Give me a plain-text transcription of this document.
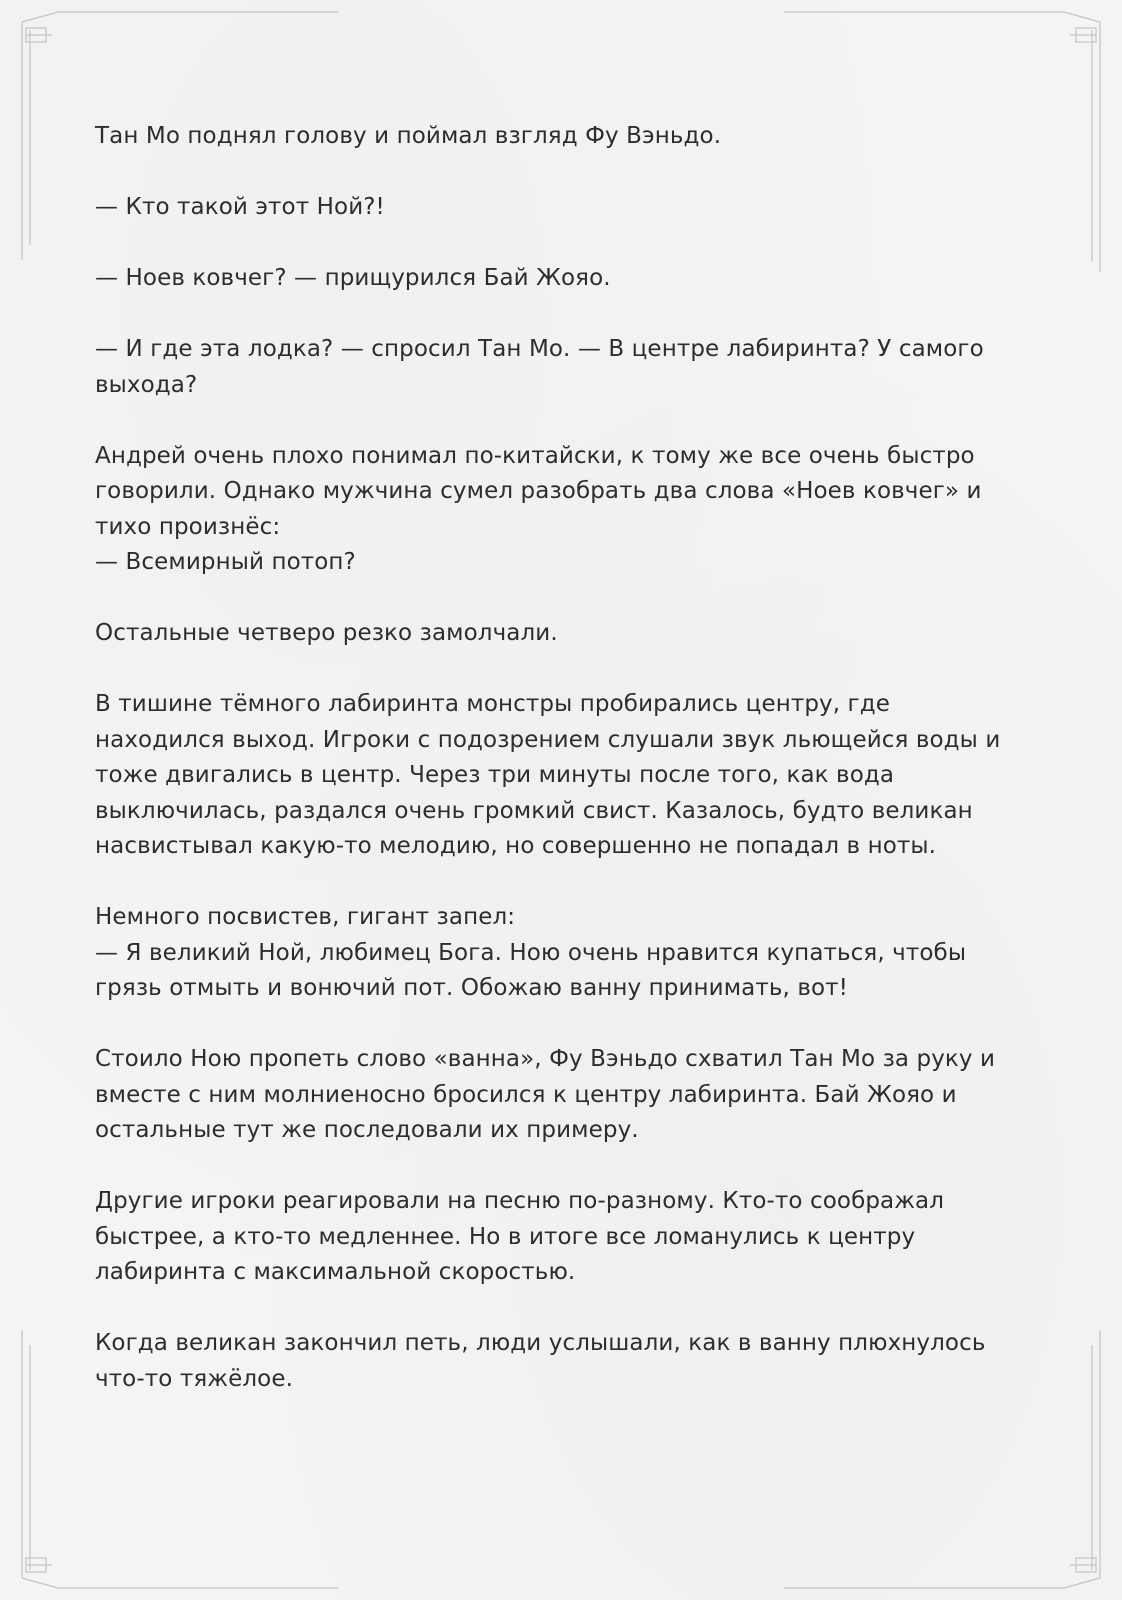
Тан Мо поднял голову и поймал взгляд Фу Вэньдо.

— Кто такой этот Ной?!

— Ноев ковчег? — прищурился Бай Жояо.

— И где эта лодка? — спросил Тан Мо. — В центре лабиринта? У самого
выхода?

Андрей очень плохо понимал по-китайски, к тому же все очень быстро
говорили. Однако мужчина сумел разобрать два слова «Ноев ковчег» и
тихо произнёс:
— Всемирный потоп?

Остальные четверо резко замолчали.

В тишине тёмного лабиринта монстры пробирались центру, где
находился выход. Игроки с подозрением слушали звук льющейся воды и
тоже двигались в центр. Через три минуты после того, как вода
выключилась, раздался очень громкий свист. Казалось, будто великан
насвистывал какую-то мелодию, но совершенно не попадал в ноты.

Немного посвистев, гигант запел:
— Я великий Ной, любимец Бога. Ною очень нравится купаться, чтобы
грязь отмыть и вонючий пот. Обожаю ванну принимать, вот!

Стоило Ною пропеть слово «ванна», Фу Вэньдо схватил Тан Мо за руку и
вместе с ним молниеносно бросился к центру лабиринта. Бай Жояо и
остальные тут же последовали их примеру.

Другие игроки реагировали на песню по-разному. Кто-то соображал
быстрее, а кто-то медленнее. Но в итоге все ломанулись к центру
лабиринта с максимальной скоростью.

Когда великан закончил петь, люди услышали, как в ванну плюхнулось
что-то тяжёлое.
